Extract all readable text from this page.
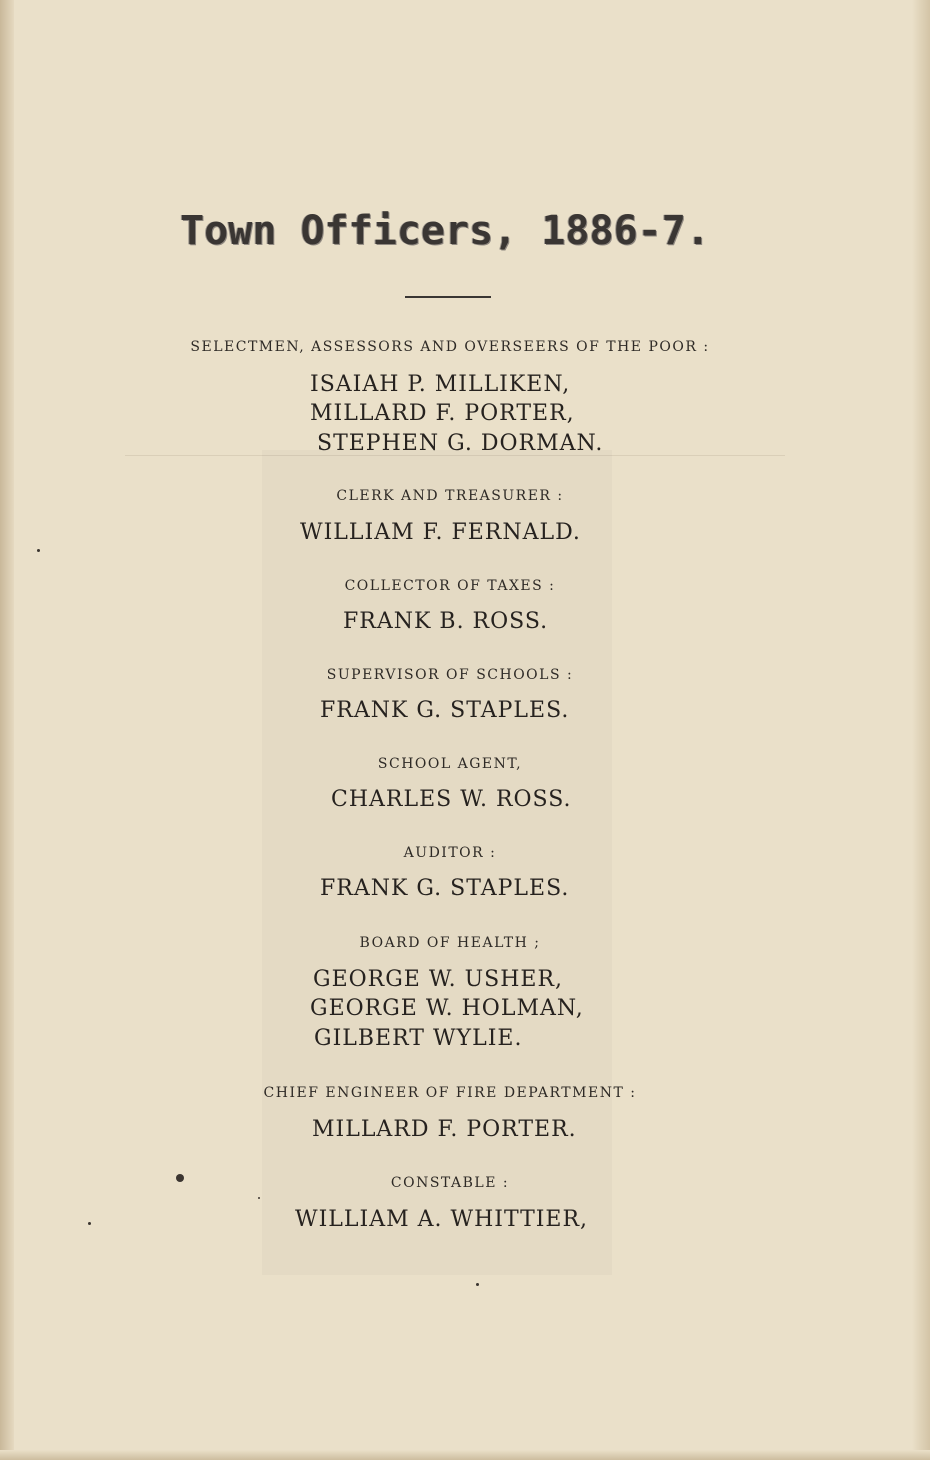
Town Officers, 1886-7.
SELECTMEN, ASSESSORS AND OVERSEERS OF THE POOR :
ISAIAH P. MILLIKEN,
MILLARD F. PORTER,
STEPHEN G. DORMAN.
CLERK AND TREASURER :
WILLIAM F. FERNALD.
COLLECTOR OF TAXES :
FRANK B. ROSS.
SUPERVISOR OF SCHOOLS :
FRANK G. STAPLES.
SCHOOL AGENT,
CHARLES W. ROSS.
AUDITOR :
FRANK G. STAPLES.
BOARD OF HEALTH ;
GEORGE W. USHER,
GEORGE W. HOLMAN,
GILBERT WYLIE.
CHIEF ENGINEER OF FIRE DEPARTMENT :
MILLARD F. PORTER.
CONSTABLE :
WILLIAM A. WHITTIER,
